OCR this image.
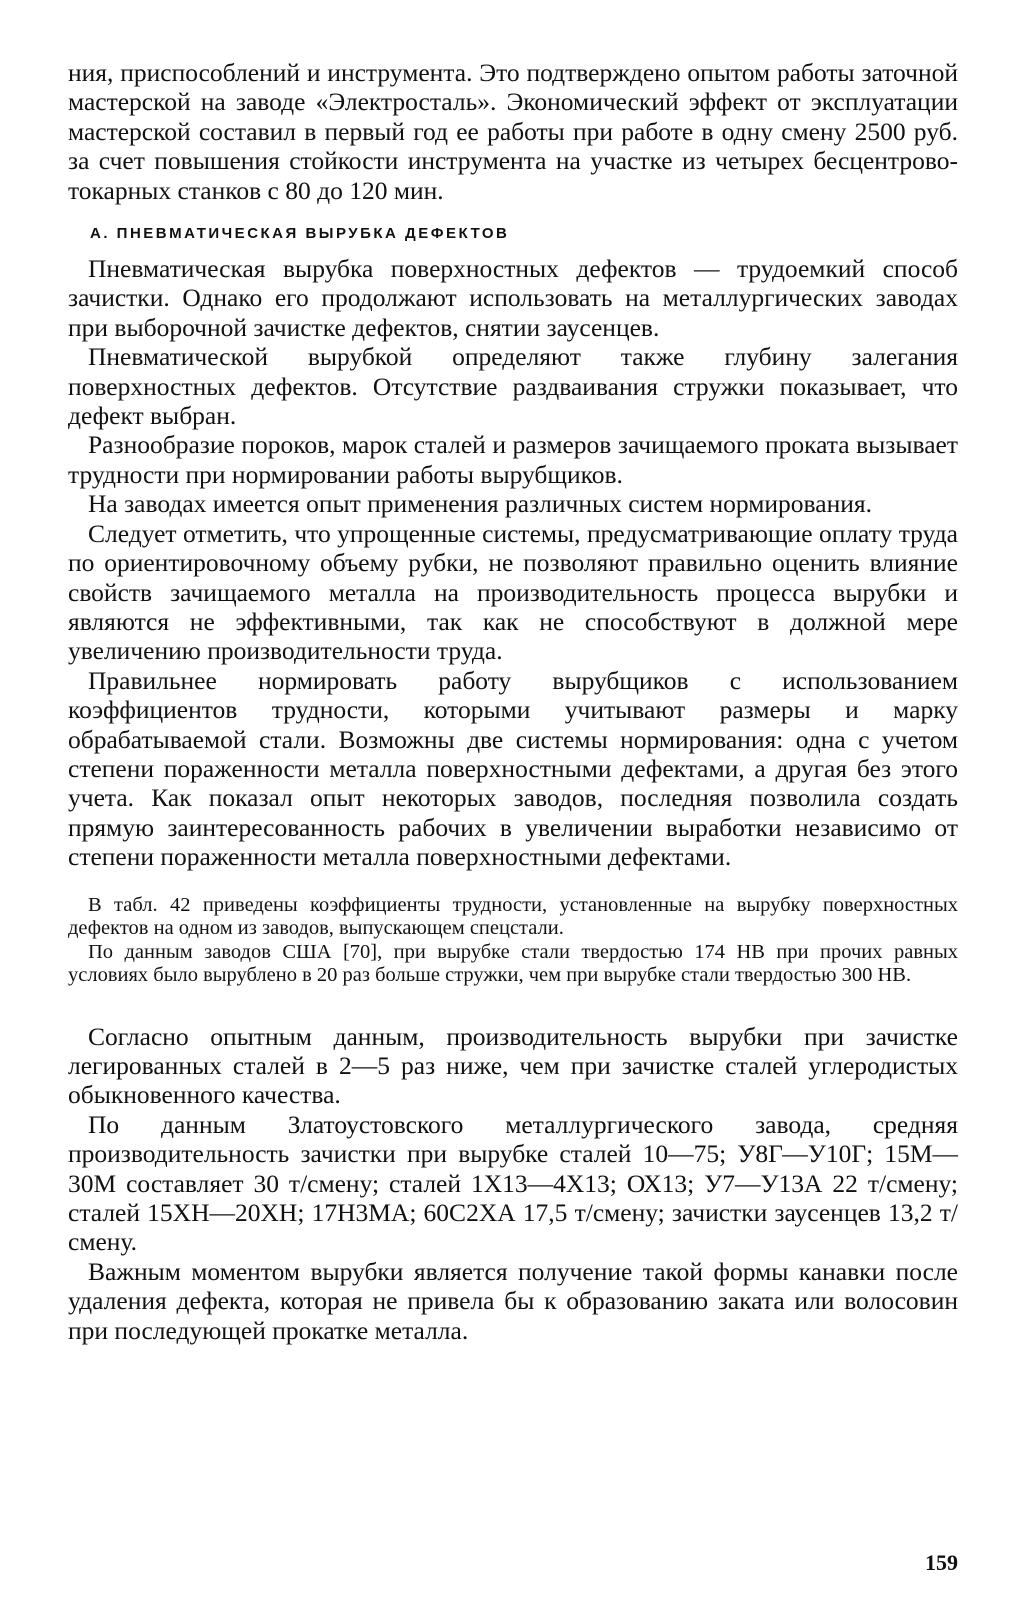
ния, приспособлений и инструмента. Это подтверждено опытом работы заточной мастерской на заводе «Электросталь». Экономический эффект от эксплуатации мастерской составил в первый год ее работы при работе в одну смену 2500 руб. за счет повышения стойкости инструмента на участке из четырех бесцентрово-токарных станков с 80 до 120 мин.

А. ПНЕВМАТИЧЕСКАЯ ВЫРУБКА ДЕФЕКТОВ

Пневматическая вырубка поверхностных дефектов — трудоемкий способ зачистки. Однако его продолжают использовать на металлургических заводах при выборочной зачистке дефектов, снятии заусенцев.

Пневматической вырубкой определяют также глубину залегания поверхностных дефектов. Отсутствие раздваивания стружки показывает, что дефект выбран.

Разнообразие пороков, марок сталей и размеров зачищаемого проката вызывает трудности при нормировании работы вырубщиков.

На заводах имеется опыт применения различных систем нормирования.

Следует отметить, что упрощенные системы, предусматривающие оплату труда по ориентировочному объему рубки, не позволяют правильно оценить влияние свойств зачищаемого металла на производительность процесса вырубки и являются не эффективными, так как не способствуют в должной мере увеличению производительности труда.

Правильнее нормировать работу вырубщиков с использованием коэффициентов трудности, которыми учитывают размеры и марку обрабатываемой стали. Возможны две системы нормирования: одна с учетом степени пораженности металла поверхностными дефектами, а другая без этого учета. Как показал опыт некоторых заводов, последняя позволила создать прямую заинтересованность рабочих в увеличении выработки независимо от степени пораженности металла поверхностными дефектами.

В табл. 42 приведены коэффициенты трудности, установленные на вырубку поверхностных дефектов на одном из заводов, выпускающем спецстали.

По данным заводов США [70], при вырубке стали твердостью 174 HB при прочих равных условиях было вырублено в 20 раз больше стружки, чем при вырубке стали твердостью 300 HB.

Согласно опытным данным, производительность вырубки при зачистке легированных сталей в 2—5 раз ниже, чем при зачистке сталей углеродистых обыкновенного качества.

По данным Златоустовского металлургического завода, средняя производительность зачистки при вырубке сталей 10—75; У8Г—У10Г; 15М—30М составляет 30 т/смену; сталей 1Х13—4Х13; ОХ13; У7—У13А 22 т/смену; сталей 15ХН—20ХН; 17Н3МА; 60С2ХА 17,5 т/смену; зачистки заусенцев 13,2 т/смену.

Важным моментом вырубки является получение такой формы канавки после удаления дефекта, которая не привела бы к образованию заката или волосовин при последующей прокатке металла.

159
